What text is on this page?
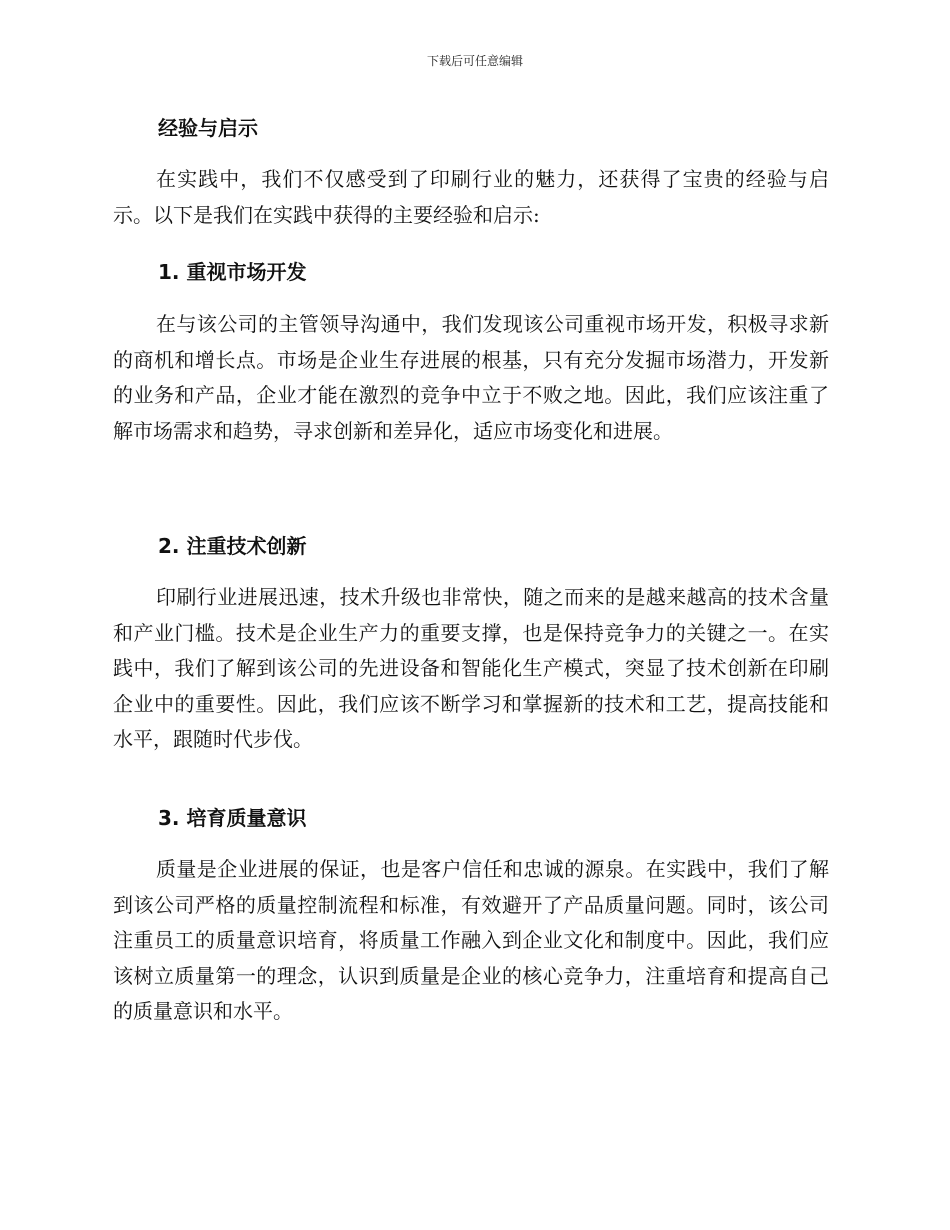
下载后可任意编辑
经验与启示
在实践中，我们不仅感受到了印刷行业的魅力，还获得了宝贵的经验与启示。以下是我们在实践中获得的主要经验和启示:
1. 重视市场开发
在与该公司的主管领导沟通中，我们发现该公司重视市场开发，积极寻求新的商机和增长点。市场是企业生存进展的根基，只有充分发掘市场潜力，开发新的业务和产品，企业才能在激烈的竞争中立于不败之地。因此，我们应该注重了解市场需求和趋势，寻求创新和差异化，适应市场变化和进展。
2. 注重技术创新
印刷行业进展迅速，技术升级也非常快，随之而来的是越来越高的技术含量和产业门槛。技术是企业生产力的重要支撑，也是保持竞争力的关键之一。在实践中，我们了解到该公司的先进设备和智能化生产模式，突显了技术创新在印刷企业中的重要性。因此，我们应该不断学习和掌握新的技术和工艺，提高技能和水平，跟随时代步伐。
3. 培育质量意识
质量是企业进展的保证，也是客户信任和忠诚的源泉。在实践中，我们了解到该公司严格的质量控制流程和标准，有效避开了产品质量问题。同时，该公司注重员工的质量意识培育，将质量工作融入到企业文化和制度中。因此，我们应该树立质量第一的理念，认识到质量是企业的核心竞争力，注重培育和提高自己的质量意识和水平。
